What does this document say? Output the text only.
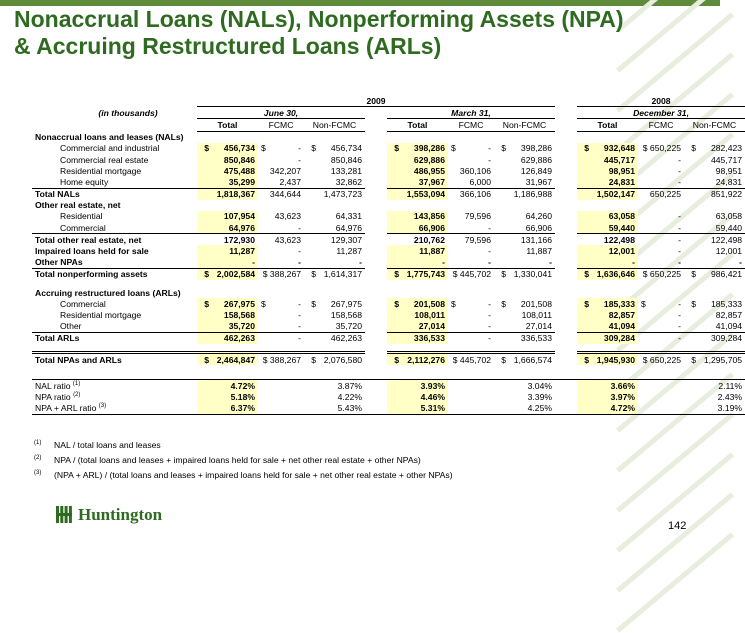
Nonaccrual Loans (NALs), Nonperforming Assets (NPA) & Accruing Restructured Loans (ARLs)
	2009														2008				
(in thousands)	June 30,							March 31,							December 31,				
	Total		FCMC	Non-FCMC				Total		FCMC	Non-FCMC				Total		FCMC	Non-FCMC	
Nonaccrual loans and leases (NALs)																			
Commercial and industrial	$	456,734	$ -	$	456,734			$	398,286	$ -	$	398,286			$	932,648	$ 650,225	$	282,423
Commercial real estate		850,846	-		850,846				629,886	-		629,886				445,717	-		445,717
Residential mortgage		475,488	342,207		133,281				486,955	360,106		126,849				98,951	-		98,951
Home equity		35,299	2,437		32,862				37,967	6,000		31,967				24,831	-		24,831
Total NALs		1,818,367	344,644		1,473,723				1,553,094	366,106		1,186,988				1,502,147	650,225		851,922
Other real estate, net																			
Residential		107,954	43,623		64,331				143,856	79,596		64,260				63,058	-		63,058
Commercial		64,976	-		64,976				66,906	-		66,906				59,440	-		59,440
Total other real estate, net		172,930	43,623		129,307				210,762	79,596		131,166				122,498	-		122,498
Impaired loans held for sale		11,287	-		11,287				11,887	-		11,887				12,001	-		12,001
Other NPAs		-	-		-				-	-		-				-	-		-
Total nonperforming assets	$	2,002,584	$ 388,267	$	1,614,317			$	1,775,743	$ 445,702	$	1,330,041			$	1,636,646	$ 650,225	$	986,421

Accruing restructured loans (ARLs)																			
Commercial	$	267,975	$ -	$	267,975			$	201,508	$ -	$	201,508			$	185,333	$ -	$	185,333
Residential mortgage		158,568	-		158,568				108,011	-		108,011				82,857	-		82,857
Other		35,720	-		35,720				27,014	-		27,014				41,094	-		41,094
Total ARLs		462,263	-		462,263				336,533	-		336,533				309,284	-		309,284

Total NPAs and ARLs	$	2,464,847	$ 388,267	$	2,076,580			$	2,112,276	$ 445,702	$	1,666,574			$	1,945,930	$ 650,225	$	1,295,705

NAL ratio $^{(1)}$	4.72%			3.87%				3.93%			3.04%				3.66%			2.11%	
NPA ratio $^{(2)}$	5.18%			4.22%				4.46%			3.39%				3.97%			2.43%	
NPA + ARL ratio $^{(3)}$	6.37%			5.43%				5.31%			4.25%				4.72%			3.19%	
$^{(1)}$ NAL / total loans and leases
$^{(2)}$ NPA / (total loans and leases + impaired loans held for sale + net other real estate + other NPAs)
$^{(3)}$ (NPA + ARL) / (total loans and leases + impaired loans held for sale + net other real estate + other NPAs)
Huntington
142
